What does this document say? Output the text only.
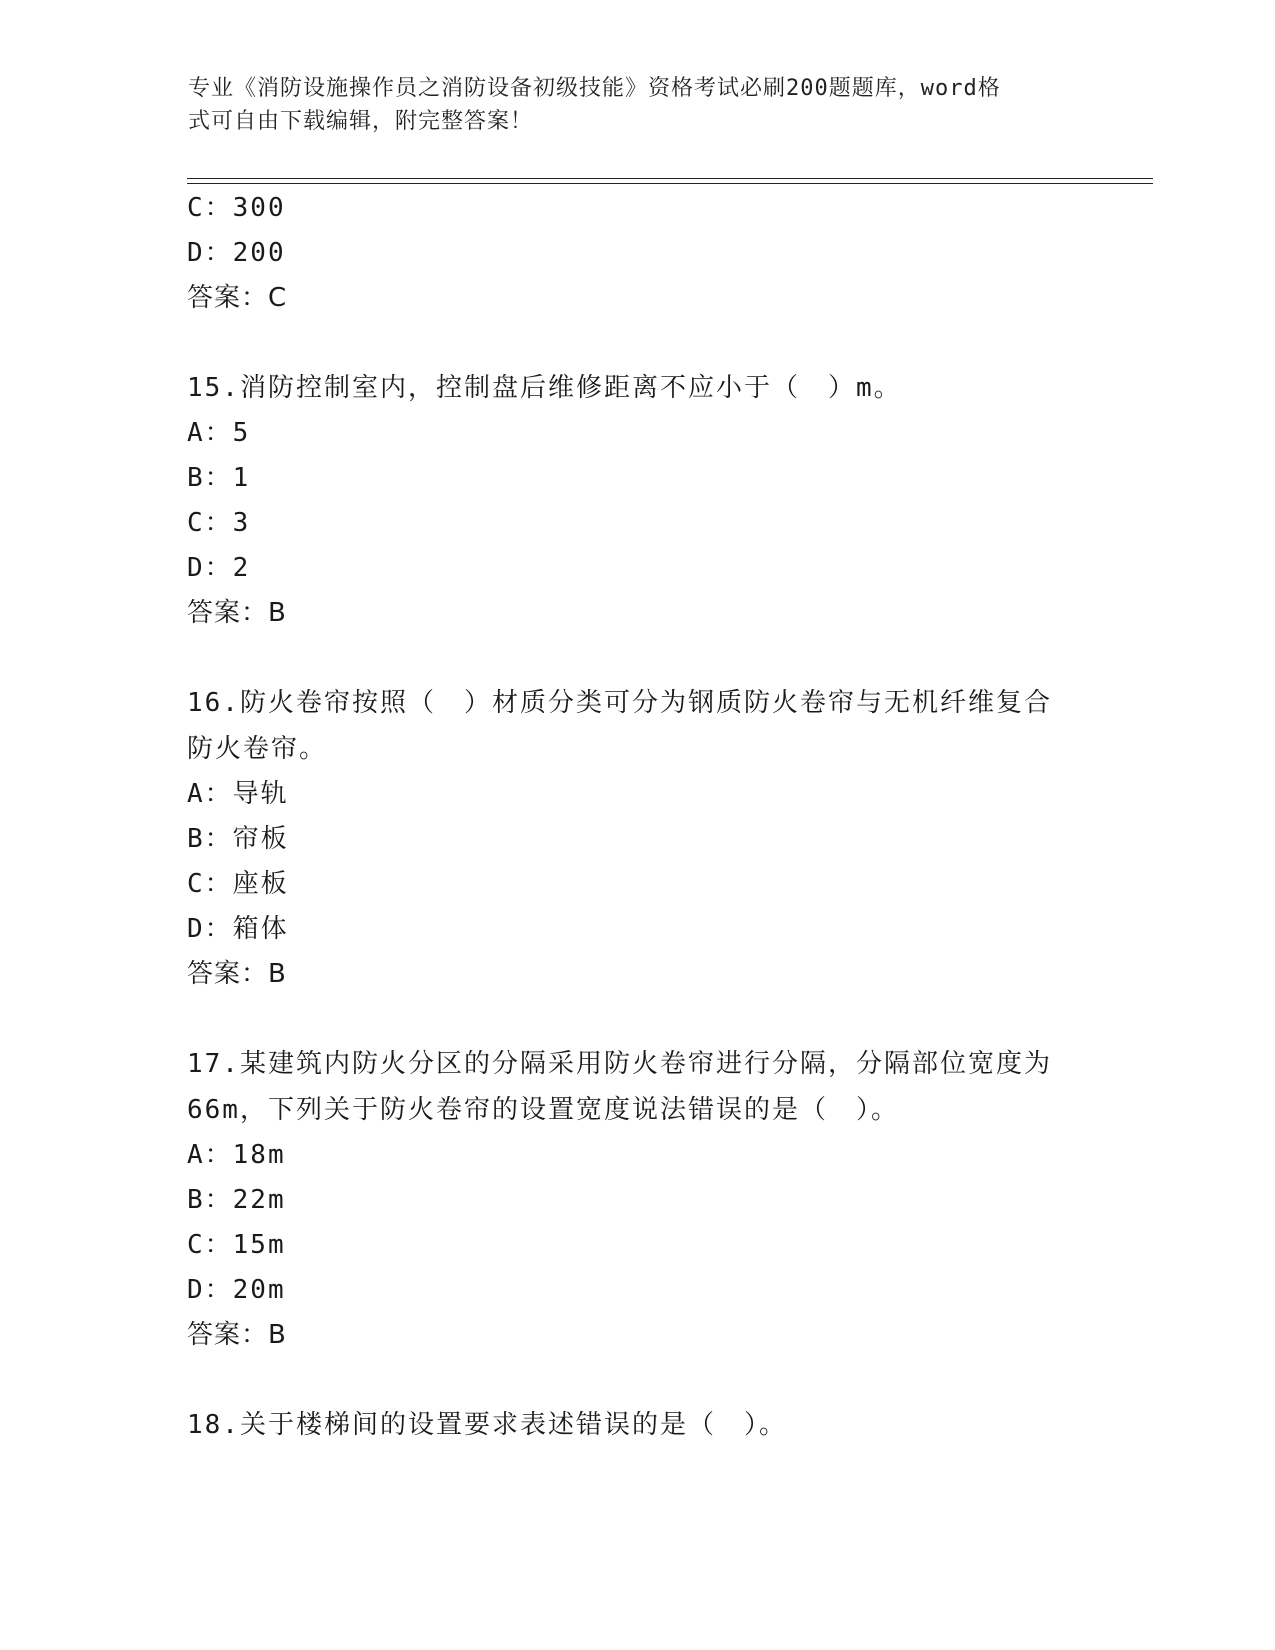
专业《消防设施操作员之消防设备初级技能》资格考试必刷200题题库，word格
式可自由下载编辑，附完整答案！
C：300
D：200
答案：C
15.消防控制室内，控制盘后维修距离不应小于（　）m。
A：5
B：1
C：3
D：2
答案：B
16.防火卷帘按照（　）材质分类可分为钢质防火卷帘与无机纤维复合
防火卷帘。
A：导轨
B：帘板
C：座板
D：箱体
答案：B
17.某建筑内防火分区的分隔采用防火卷帘进行分隔，分隔部位宽度为
66m，下列关于防火卷帘的设置宽度说法错误的是（　）。
A：18m
B：22m
C：15m
D：20m
答案：B
18.关于楼梯间的设置要求表述错误的是（　）。
